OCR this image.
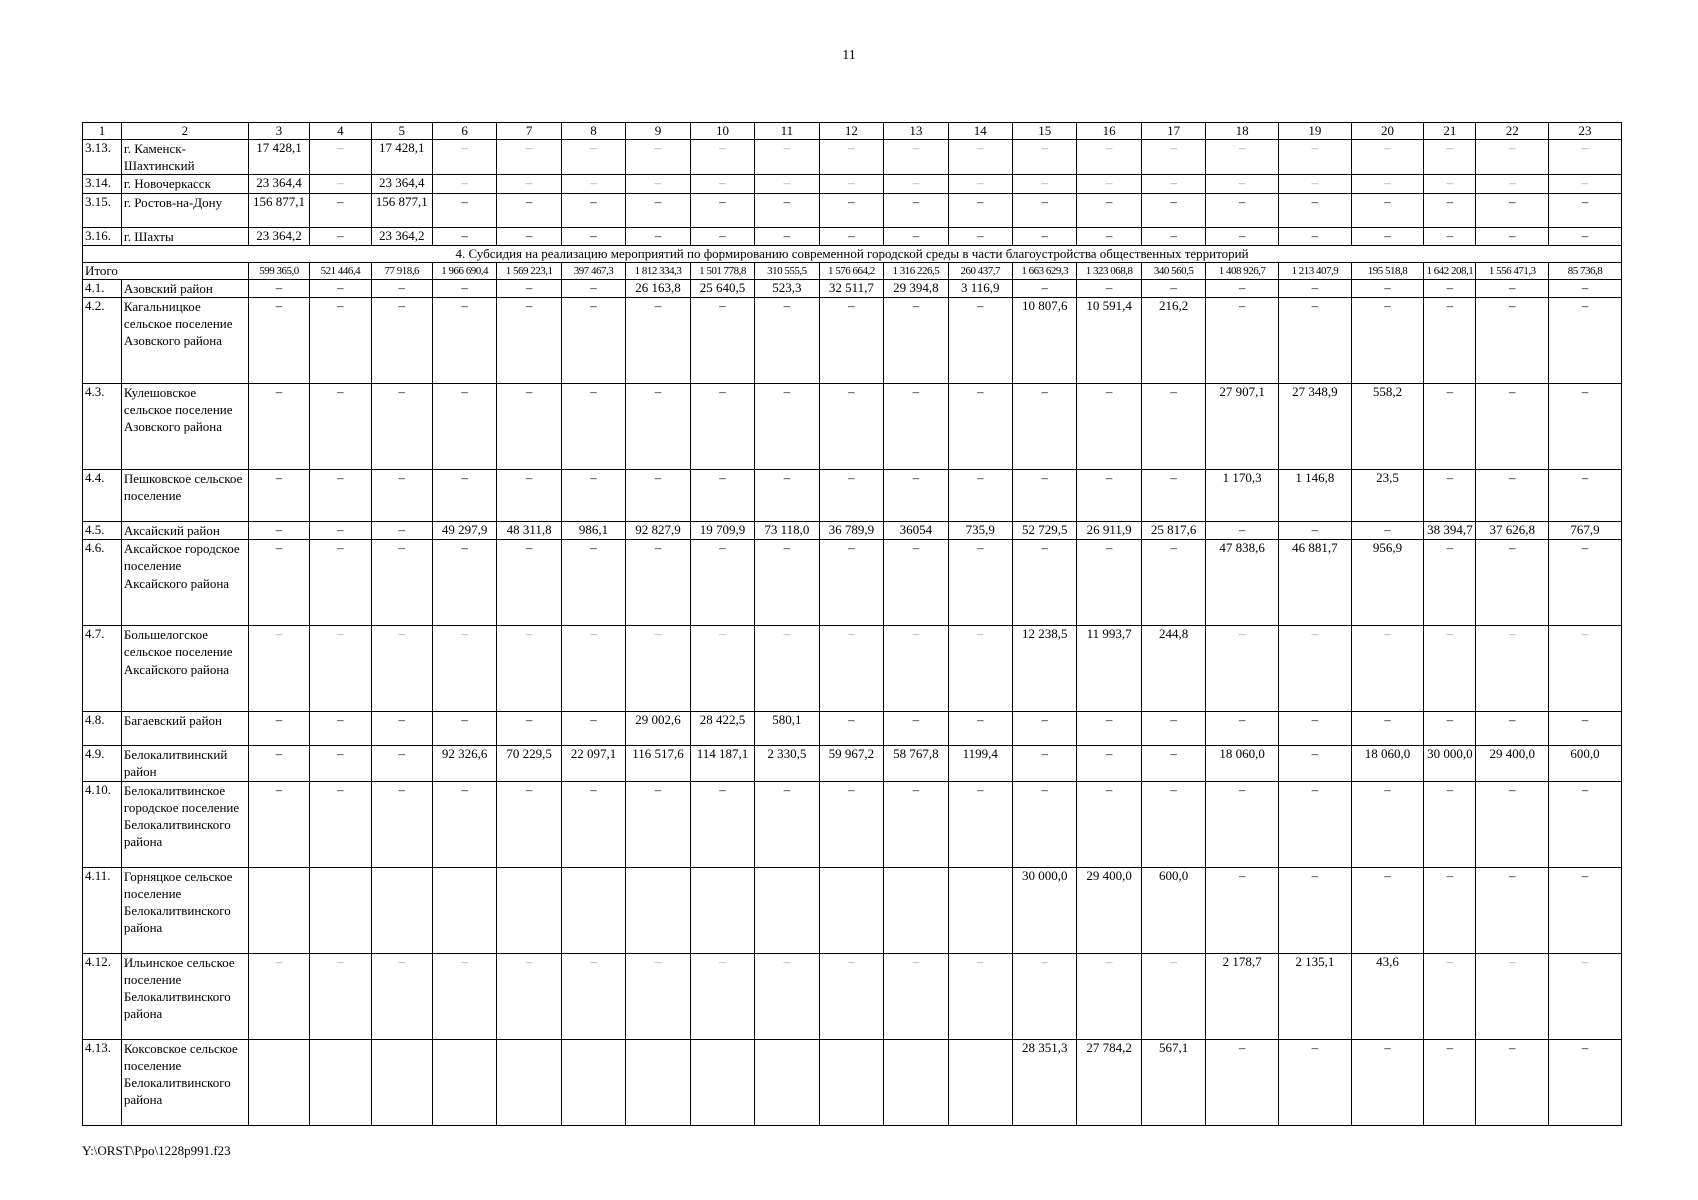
11
1	2	3	4	5	6	7	8	9	10	11	12	13	14	15	16	17	18	19	20	21	22	23
3.13.	г. Каменск-Шахтинский	17 428,1	–	17 428,1	–	–	–	–	–	–	–	–	–	–	–	–	–	–	–	–	–	–
3.14.	г. Новочеркасск	23 364,4	–	23 364,4	–	–	–	–	–	–	–	–	–	–	–	–	–	–	–	–	–	–
3.15.	г. Ростов-на-Дону	156 877,1	–	156 877,1	–	–	–	–	–	–	–	–	–	–	–	–	–	–	–	–	–	–
3.16.	г. Шахты	23 364,2	–	23 364,2	–	–	–	–	–	–	–	–	–	–	–	–	–	–	–	–	–	–
4. Субсидия на реализацию мероприятий по формированию современной городской среды в части благоустройства общественных территорий																						
Итого		599 365,0	521 446,4	77 918,6	1 966 690,4	1 569 223,1	397 467,3	1 812 334,3	1 501 778,8	310 555,5	1 576 664,2	1 316 226,5	260 437,7	1 663 629,3	1 323 068,8	340 560,5	1 408 926,7	1 213 407,9	195 518,8	1 642 208,1	1 556 471,3	85 736,8
4.1.	Азовский район	–	–	–	–	–	–	26 163,8	25 640,5	523,3	32 511,7	29 394,8	3 116,9	–	–	–	–	–	–	–	–	–
4.2.	Кагальницкое сельское поселение Азовского района	–	–	–	–	–	–	–	–	–	–	–	–	10 807,6	10 591,4	216,2	–	–	–	–	–	–
4.3.	Кулешовское сельское поселение Азовского района	–	–	–	–	–	–	–	–	–	–	–	–	–	–	–	27 907,1	27 348,9	558,2	–	–	–
4.4.	Пешковское сельское поселение	–	–	–	–	–	–	–	–	–	–	–	–	–	–	–	1 170,3	1 146,8	23,5	–	–	–
4.5.	Аксайский район	–	–	–	49 297,9	48 311,8	986,1	92 827,9	19 709,9	73 118,0	36 789,9	36054	735,9	52 729,5	26 911,9	25 817,6	–	–	–	38 394,7	37 626,8	767,9
4.6.	Аксайское городское поселение Аксайского района	–	–	–	–	–	–	–	–	–	–	–	–	–	–	–	47 838,6	46 881,7	956,9	–	–	–
4.7.	Большелогское сельское поселение Аксайского района	–	–	–	–	–	–	–	–	–	–	–	–	12 238,5	11 993,7	244,8	–	–	–	–	–	–
4.8.	Багаевский район	–	–	–	–	–	–	29 002,6	28 422,5	580,1	–	–	–	–	–	–	–	–	–	–	–	–
4.9.	Белокалитвинский район	–	–	–	92 326,6	70 229,5	22 097,1	116 517,6	114 187,1	2 330,5	59 967,2	58 767,8	1199,4	–	–	–	18 060,0	–	18 060,0	30 000,0	29 400,0	600,0
4.10.	Белокалитвинское городское поселение Белокалитвинского района	–	–	–	–	–	–	–	–	–	–	–	–	–	–	–	–	–	–	–	–	–
4.11.	Горняцкое сельское поселение Белокалитвинского района													30 000,0	29 400,0	600,0	–	–	–	–	–	–
4.12.	Ильинское сельское поселение Белокалитвинского района	–	–	–	–	–	–	–	–	–	–	–	–	–	–	–	2 178,7	2 135,1	43,6	–	–	–
4.13.	Коксовское сельское поселение Белокалитвинского района													28 351,3	27 784,2	567,1	–	–	–	–	–	–
Y:\ORST\Ppo\1228p991.f23
